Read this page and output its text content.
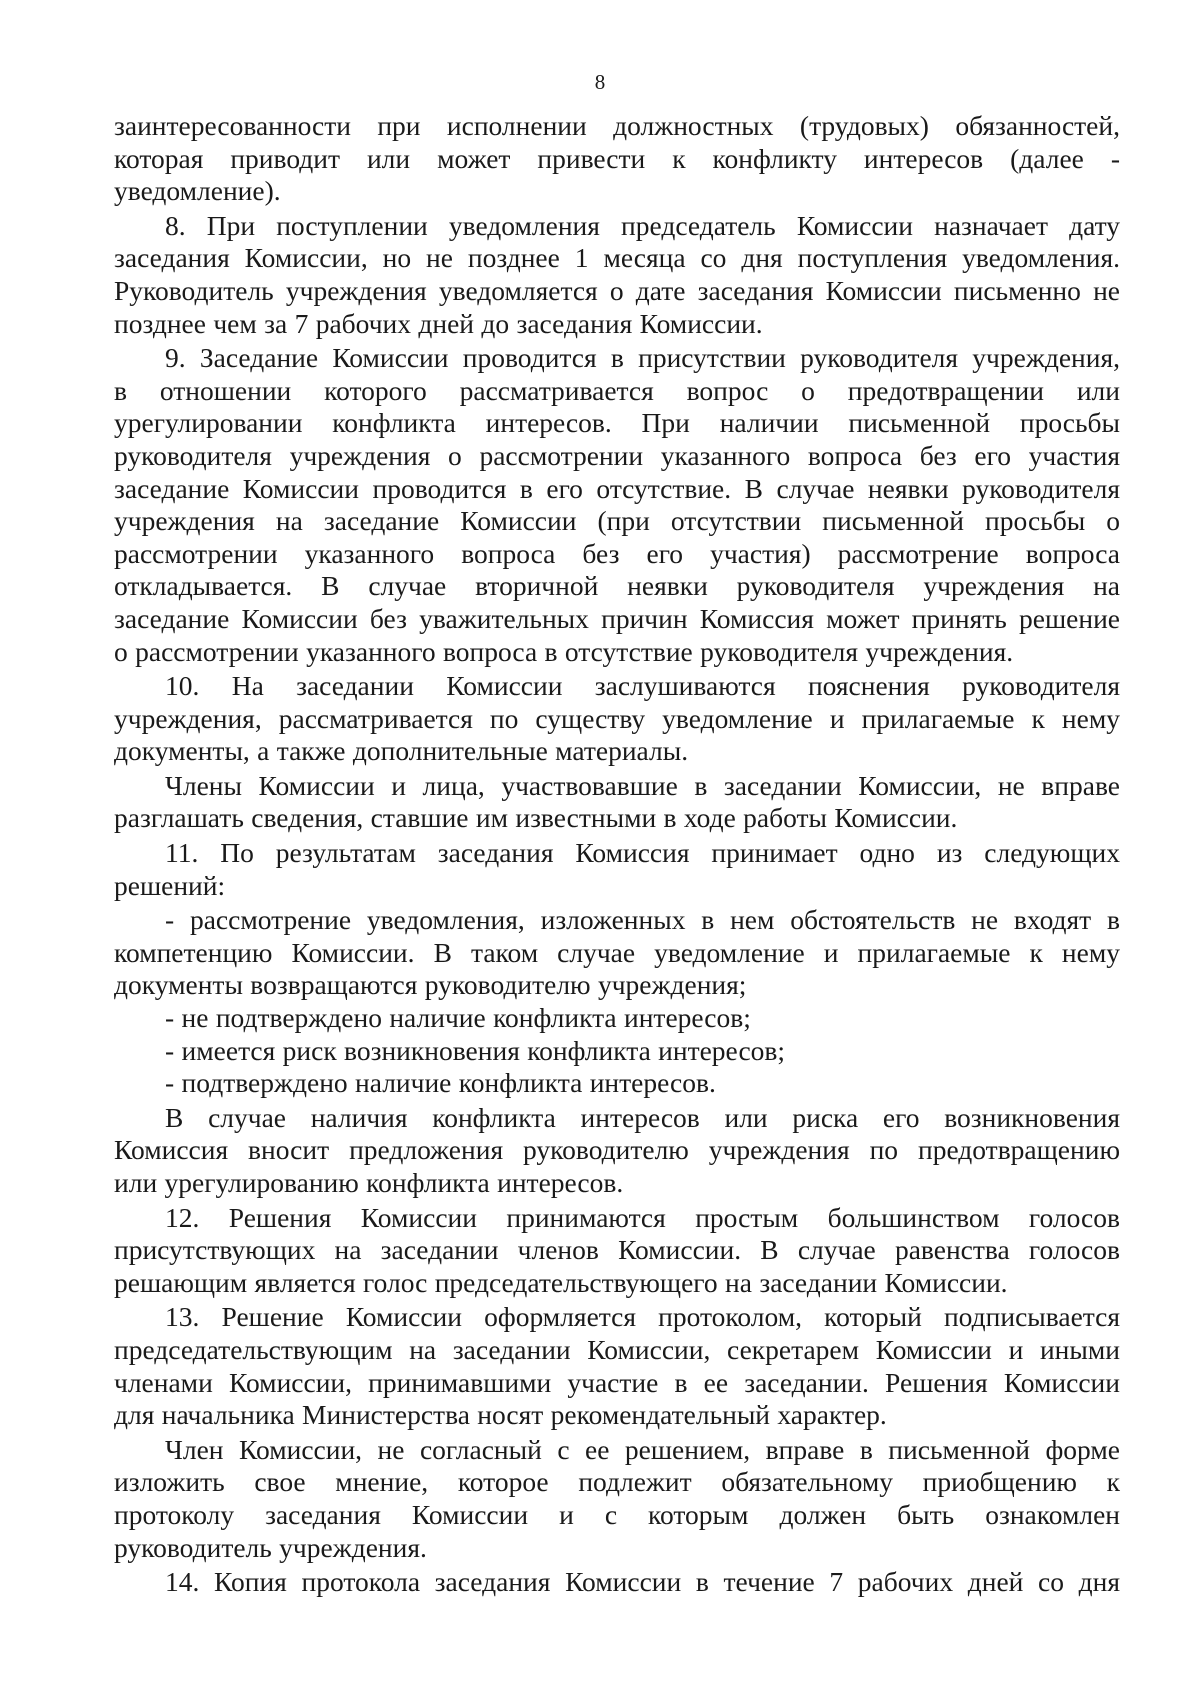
8

заинтересованности при исполнении должностных (трудовых) обязанностей,

которая приводит или может привести к конфликту интересов (далее -

уведомление).

8. При поступлении уведомления председатель Комиссии назначает дату

заседания Комиссии, но не позднее 1 месяца со дня поступления уведомления.

Руководитель учреждения уведомляется о дате заседания Комиссии письменно не

позднее чем за 7 рабочих дней до заседания Комиссии.

9. Заседание Комиссии проводится в присутствии руководителя учреждения,

в отношении которого рассматривается вопрос о предотвращении или

урегулировании конфликта интересов. При наличии письменной просьбы

руководителя учреждения о рассмотрении указанного вопроса без его участия

заседание Комиссии проводится в его отсутствие. В случае неявки руководителя

учреждения на заседание Комиссии (при отсутствии письменной просьбы о

рассмотрении указанного вопроса без его участия) рассмотрение вопроса

откладывается. В случае вторичной неявки руководителя учреждения на

заседание Комиссии без уважительных причин Комиссия может принять решение

о рассмотрении указанного вопроса в отсутствие руководителя учреждения.

10. На заседании Комиссии заслушиваются пояснения руководителя

учреждения, рассматривается по существу уведомление и прилагаемые к нему

документы, а также дополнительные материалы.

Члены Комиссии и лица, участвовавшие в заседании Комиссии, не вправе

разглашать сведения, ставшие им известными в ходе работы Комиссии.

11. По результатам заседания Комиссия принимает одно из следующих

решений:

- рассмотрение уведомления, изложенных в нем обстоятельств не входят в

компетенцию Комиссии. В таком случае уведомление и прилагаемые к нему

документы возвращаются руководителю учреждения;

- не подтверждено наличие конфликта интересов;

- имеется риск возникновения конфликта интересов;

- подтверждено наличие конфликта интересов.

В случае наличия конфликта интересов или риска его возникновения

Комиссия вносит предложения руководителю учреждения по предотвращению

или урегулированию конфликта интересов.

12. Решения Комиссии принимаются простым большинством голосов

присутствующих на заседании членов Комиссии. В случае равенства голосов

решающим является голос председательствующего на заседании Комиссии.

13. Решение Комиссии оформляется протоколом, который подписывается

председательствующим на заседании Комиссии, секретарем Комиссии и иными

членами Комиссии, принимавшими участие в ее заседании. Решения Комиссии

для начальника Министерства носят рекомендательный характер.

Член Комиссии, не согласный с ее решением, вправе в письменной форме

изложить свое мнение, которое подлежит обязательному приобщению к

протоколу заседания Комиссии и с которым должен быть ознакомлен

руководитель учреждения.

14. Копия протокола заседания Комиссии в течение 7 рабочих дней со дня
